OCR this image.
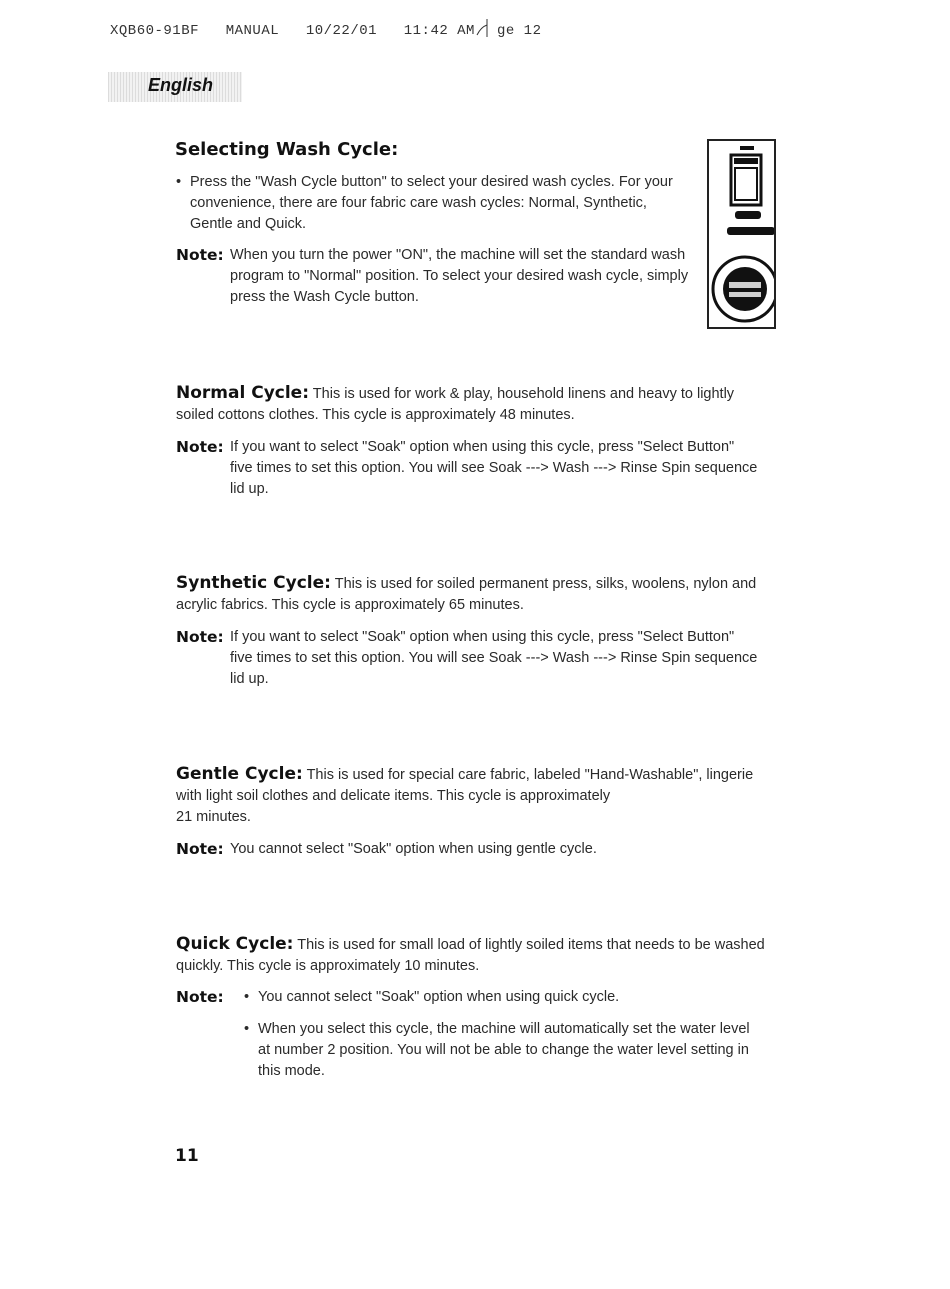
XQB60-91BF   MANUAL   10/22/01   11:42 AM ge 12
English
Selecting Wash Cycle:
• Press the "Wash Cycle button" to select your desired wash cycles. For your convenience, there are four fabric care wash cycles: Normal, Synthetic, Gentle and Quick.
Note: When you turn the power "ON", the machine will set the standard wash program to "Normal" position. To select your desired wash cycle, simply press the Wash Cycle button.
Normal Cycle: This is used for work & play, household linens and heavy to lightly soiled cottons clothes. This cycle is approximately 48 minutes.
Note: If you want to select "Soak" option when using this cycle, press "Select Button" five times to set this option. You will see Soak ---> Wash ---> Rinse Spin sequence lid up.
Synthetic Cycle: This is used for soiled permanent press, silks, woolens, nylon and acrylic fabrics. This cycle is approximately 65 minutes.
Note: If you want to select "Soak" option when using this cycle, press "Select Button" five times to set this option. You will see Soak ---> Wash ---> Rinse Spin sequence lid up.
Gentle Cycle: This is used for special care fabric, labeled "Hand-Washable", lingerie with light soil clothes and delicate items. This cycle is approximately
21 minutes.
Note: You cannot select "Soak" option when using gentle cycle.
Quick Cycle: This is used for small load of lightly soiled items that needs to be washed quickly. This cycle is approximately 10 minutes.
Note: • You cannot select "Soak" option when using quick cycle.
• When you select this cycle, the machine will automatically set the water level at number 2 position. You will not be able to change the water level setting in this mode.
11
